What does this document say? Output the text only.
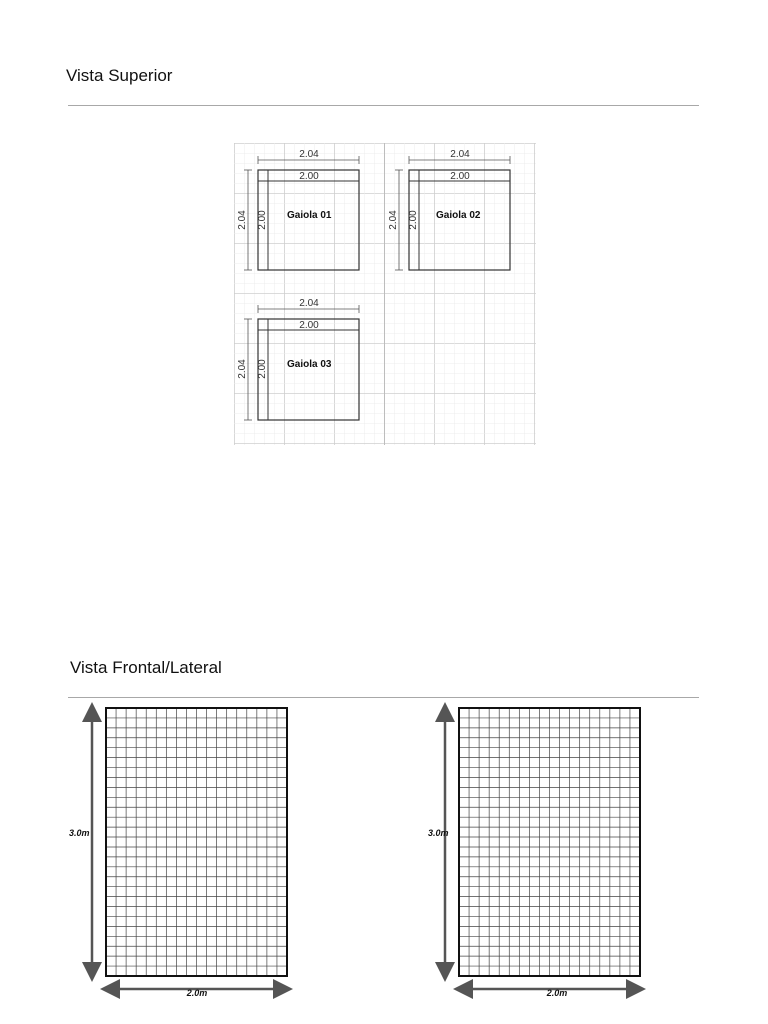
Vista Superior
2.04
2.00
2.04 2.00 Gaiola 01
2.04
2.00
2.04 2.00 Gaiola 02
2.04
2.00
2.04 2.00 Gaiola 03
Vista Frontal/Lateral
3.0m
2.0m
3.0m
2.0m
